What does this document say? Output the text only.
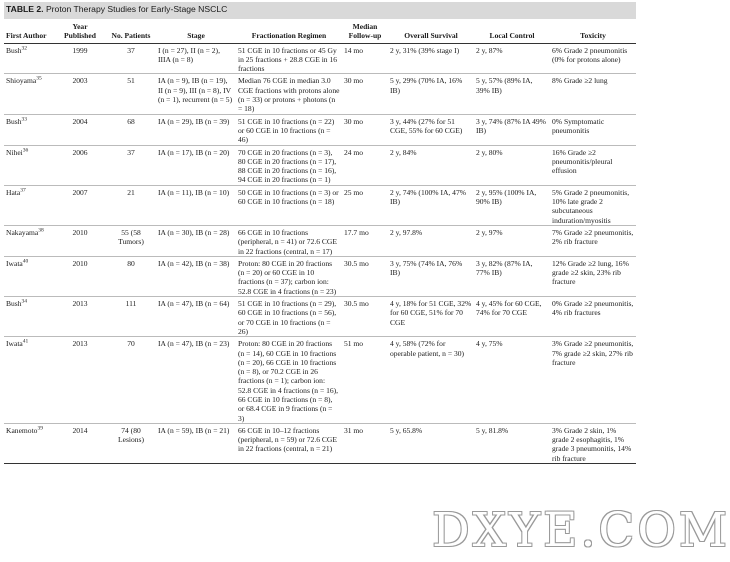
TABLE 2. Proton Therapy Studies for Early-Stage NSCLC
First Author	Year Published	No. Patients	Stage	Fractionation Regimen	Median Follow-up	Overall Survival	Local Control	Toxicity
Bush$^{32}$	1999	37	I (n = 27), II (n = 2), IIIA (n = 8)	51 CGE in 10 fractions or 45 Gy in 25 fractions + 28.8 CGE in 16 fractions	14 mo	2 y, 31% (39% stage I)	2 y, 87%	6% Grade 2 pneumonitis (0% for protons alone)
Shioyama$^{35}$	2003	51	IA (n = 9), IB (n = 19), II (n = 9), III (n = 8), IV (n = 1), recurrent (n = 5)	Median 76 CGE in median 3.0 CGE fractions with protons alone (n = 33) or protons + photons (n = 18)	30 mo	5 y, 29% (70% IA, 16% IB)	5 y, 57% (89% IA, 39% IB)	8% Grade ≥2 lung
Bush$^{33}$	2004	68	IA (n = 29), IB (n = 39)	51 CGE in 10 fractions (n = 22) or 60 CGE in 10 fractions (n = 46)	30 mo	3 y, 44% (27% for 51 CGE, 55% for 60 CGE)	3 y, 74% (87% IA 49% IB)	0% Symptomatic pneumonitis
Nihei$^{36}$	2006	37	IA (n = 17), IB (n = 20)	70 CGE in 20 fractions (n = 3), 80 CGE in 20 fractions (n = 17), 88 CGE in 20 fractions (n = 16), 94 CGE in 20 fractions (n = 1)	24 mo	2 y, 84%	2 y, 80%	16% Grade ≥2 pneumonitis/pleural effusion
Hata$^{37}$	2007	21	IA (n = 11), IB (n = 10)	50 CGE in 10 fractions (n = 3) or 60 CGE in 10 fractions (n = 18)	25 mo	2 y, 74% (100% IA, 47% IB)	2 y, 95% (100% IA, 90% IB)	5% Grade 2 pneumonitis, 10% late grade 2 subcutaneous induration/myositis
Nakayama$^{38}$	2010	55 (58 Tumors)	IA (n = 30), IB (n = 28)	66 CGE in 10 fractions (peripheral, n = 41) or 72.6 CGE in 22 fractions (central, n = 17)	17.7 mo	2 y, 97.8%	2 y, 97%	7% Grade ≥2 pneumonitis, 2% rib fracture
Iwata$^{40}$	2010	80	IA (n = 42), IB (n = 38)	Proton: 80 CGE in 20 fractions (n = 20) or 60 CGE in 10 fractions (n = 37); carbon ion: 52.8 CGE in 4 fractions (n = 23)	30.5 mo	3 y, 75% (74% IA, 76% IB)	3 y, 82% (87% IA, 77% IB)	12% Grade ≥2 lung, 16% grade ≥2 skin, 23% rib fracture
Bush$^{34}$	2013	111	IA (n = 47), IB (n = 64)	51 CGE in 10 fractions (n = 29), 60 CGE in 10 fractions (n = 56), or 70 CGE in 10 fractions (n = 26)	30.5 mo	4 y, 18% for 51 CGE, 32% for 60 CGE, 51% for 70 CGE	4 y, 45% for 60 CGE, 74% for 70 CGE	0% Grade ≥2 pneumonitis, 4% rib fractures
Iwata$^{41}$	2013	70	IA (n = 47), IB (n = 23)	Proton: 80 CGE in 20 fractions (n = 14), 60 CGE in 10 fractions (n = 20), 66 CGE in 10 fractions (n = 8), or 70.2 CGE in 26 fractions (n = 1); carbon ion: 52.8 CGE in 4 fractions (n = 16), 66 CGE in 10 fractions (n = 8), or 68.4 CGE in 9 fractions (n = 3)	51 mo	4 y, 58% (72% for operable patient, n = 30)	4 y, 75%	3% Grade ≥2 pneumonitis, 7% grade ≥2 skin, 27% rib fracture
Kanemoto$^{39}$	2014	74 (80 Lesions)	IA (n = 59), IB (n = 21)	66 CGE in 10–12 fractions (peripheral, n = 59) or 72.6 CGE in 22 fractions (central, n = 21)	31 mo	5 y, 65.8%	5 y, 81.8%	3% Grade 2 skin, 1% grade 2 esophagitis, 1% grade 3 pneumonitis, 14% rib fracture
DXYE.COM
